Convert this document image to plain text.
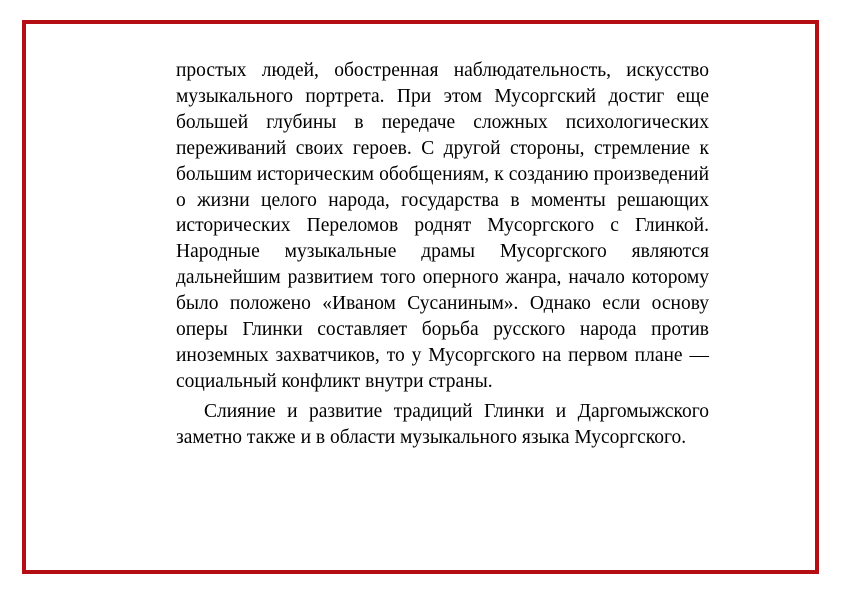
простых людей, обостренная наблюдательность, искусство музыкального портрета. При этом Мусоргский достиг еще большей глубины в передаче сложных психологических переживаний своих героев. С другой стороны, стремление к большим историческим обобщениям, к созданию произведений о жизни целого народа, государства в моменты решающих исторических Переломов роднят Мусоргского с Глинкой. Народные музыкальные драмы Мусоргского являются дальнейшим развитием того оперного жанра, начало которому было положено «Иваном Сусаниным». Однако если основу оперы Глинки составляет борьба русского народа против иноземных захватчиков, то у Мусоргского на первом плане — социальный конфликт внутри страны.

Слияние и развитие традиций Глинки и Даргомыжского заметно также и в области музыкального языка Мусоргского.
